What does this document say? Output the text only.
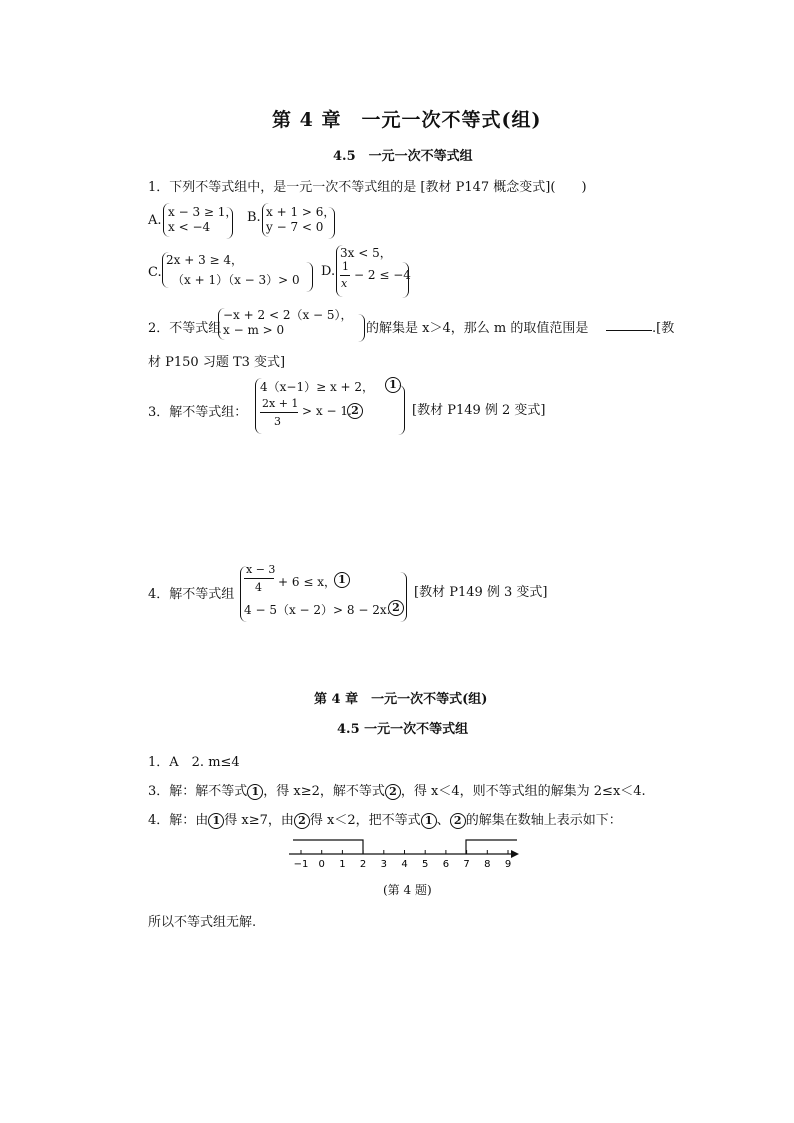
第 4 章　一元一次不等式(组)
4.5　一元一次不等式组
1．下列不等式组中，是一元一次不等式组的是 [教材 P147 概念变式](　　)
A.
x − 3 ≥ 1，
x < −4
B. x + 1 > 6，
y − 7 < 0
C.
2x + 3 ≥ 4，
（x + 1）（x − 3）> 0
D.
3x < 5，
1
x
− 2 ≤ −4
2．不等式组
−x + 2 < 2（x − 5），
x − m > 0	的解集是 x＞4，那么 m 的取值范围是	.[教
材 P150 习题 T3 变式]
3．解不等式组：
4（x−1）≥ x + 2，	1
2x + 1
3
> x − 1. 2	[教材 P149 例 2 变式]
4．解不等式组
x − 3
4 + 6 ≤ x， 1
4 − 5（x − 2）> 8 − 2x. 2
[教材 P149 例 3 变式]
第 4 章　一元一次不等式(组)
4.5 一元一次不等式组
1．A　2. m≤4
3．解：解不等式 1 ，得 x≥2，解不等式 2 ，得 x＜4，则不等式组的解集为 2≤x＜4.
4．解：由 1 得 x≥7，由 2 得 x＜2，把不等式 1 、 2 的解集在数轴上表示如下：
−1 0 1 2 3 4 5 6 7 8 9
(第 4 题)
所以不等式组无解.
